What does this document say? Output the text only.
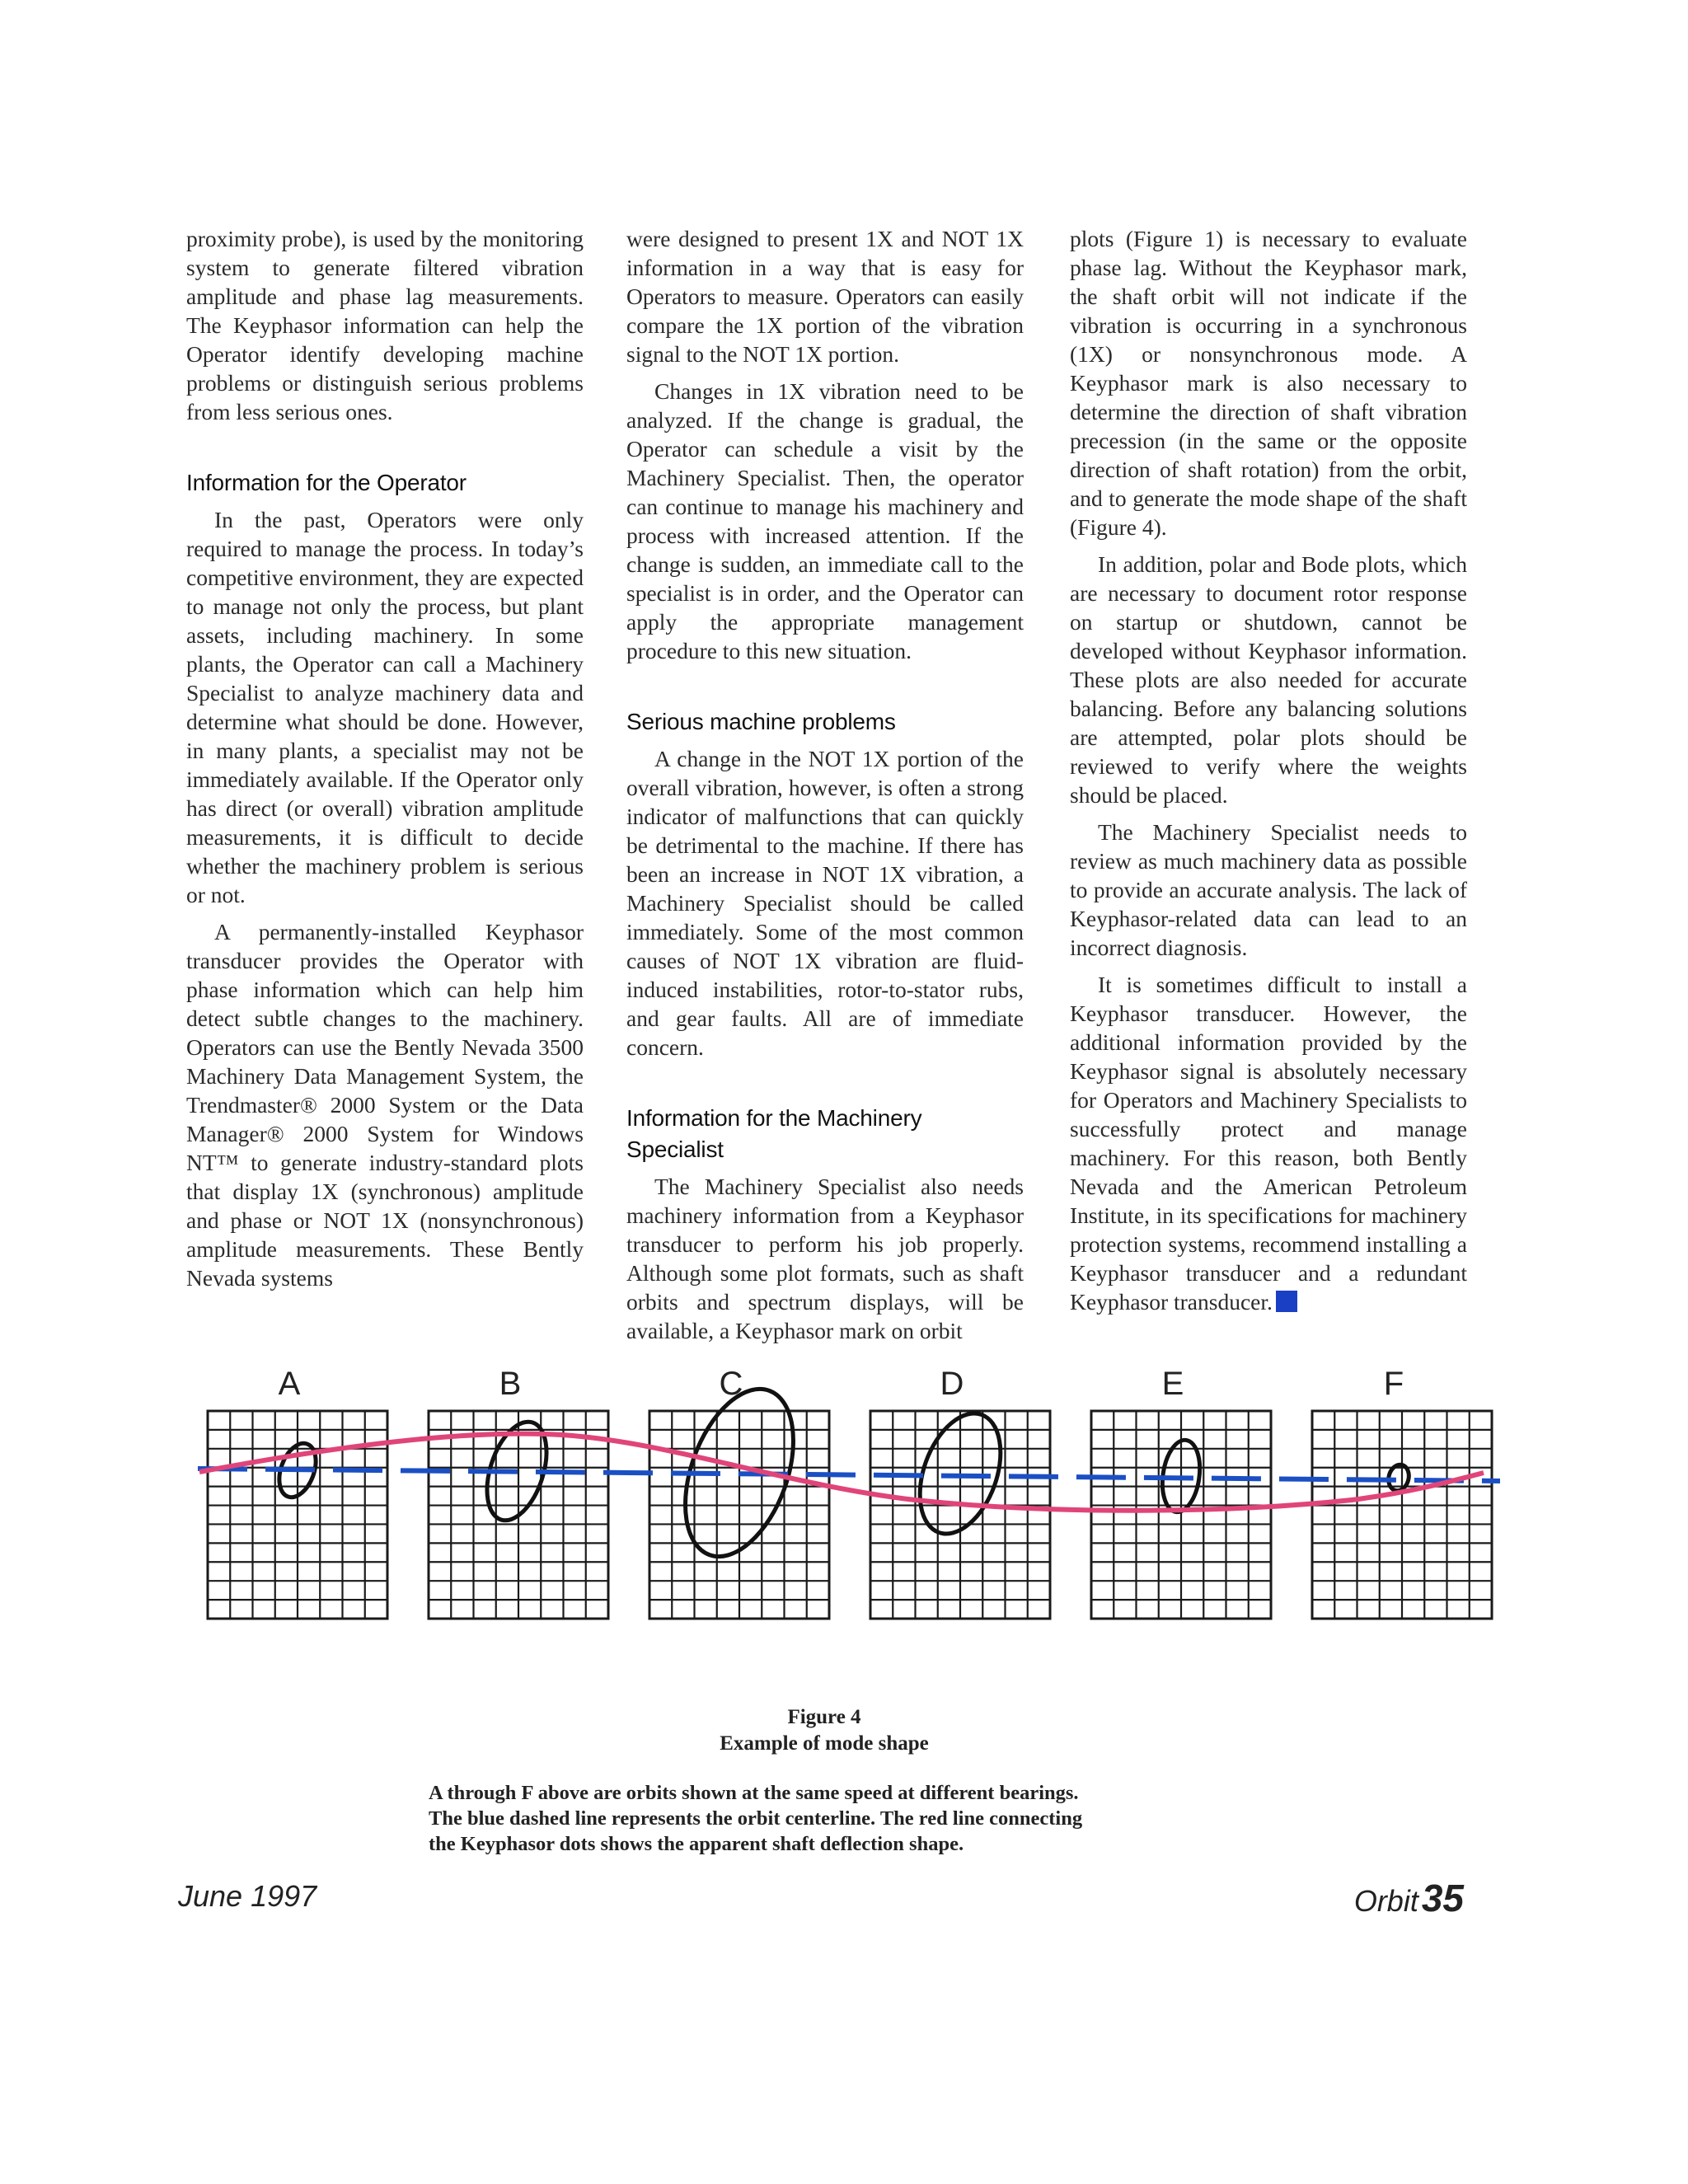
proximity probe), is used by the monitoring system to generate filtered vibration amplitude and phase lag measurements. The Keyphasor information can help the Operator identify developing machine problems or distinguish serious problems from less serious ones.

Information for the Operator

In the past, Operators were only required to manage the process. In today’s competitive environment, they are expected to manage not only the process, but plant assets, including machinery. In some plants, the Operator can call a Machinery Specialist to analyze machinery data and determine what should be done. However, in many plants, a specialist may not be immediately available. If the Operator only has direct (or overall) vibration amplitude measurements, it is difficult to decide whether the machinery problem is serious or not.

A permanently-installed Keyphasor transducer provides the Operator with phase information which can help him detect subtle changes to the machinery. Operators can use the Bently Nevada 3500 Machinery Data Management System, the Trendmaster® 2000 System or the Data Manager® 2000 System for Windows NT™ to generate industry-standard plots that display 1X (synchronous) amplitude and phase or NOT 1X (nonsynchronous) amplitude measurements. These Bently Nevada systems

were designed to present 1X and NOT 1X information in a way that is easy for Operators to measure. Operators can easily compare the 1X portion of the vibration signal to the NOT 1X portion.

Changes in 1X vibration need to be analyzed. If the change is gradual, the Operator can schedule a visit by the Machinery Specialist. Then, the operator can continue to manage his machinery and process with increased attention. If the change is sudden, an immediate call to the specialist is in order, and the Operator can apply the appropriate management procedure to this new situation.

Serious machine problems

A change in the NOT 1X portion of the overall vibration, however, is often a strong indicator of malfunctions that can quickly be detrimental to the machine. If there has been an increase in NOT 1X vibration, a Machinery Specialist should be called immediately. Some of the most common causes of NOT 1X vibration are fluid-induced instabilities, rotor-to-stator rubs, and gear faults. All are of immediate concern.

Information for the Machinery Specialist

The Machinery Specialist also needs machinery information from a Keyphasor transducer to perform his job properly. Although some plot formats, such as shaft orbits and spectrum displays, will be available, a Keyphasor mark on orbit

plots (Figure 1) is necessary to evaluate phase lag. Without the Keyphasor mark, the shaft orbit will not indicate if the vibration is occurring in a synchronous (1X) or nonsynchronous mode. A Keyphasor mark is also necessary to determine the direction of shaft vibration precession (in the same or the opposite direction of shaft rotation) from the orbit, and to generate the mode shape of the shaft (Figure 4).

In addition, polar and Bode plots, which are necessary to document rotor response on startup or shutdown, cannot be developed without Keyphasor information. These plots are also needed for accurate balancing. Before any balancing solutions are attempted, polar plots should be reviewed to verify where the weights should be placed.

The Machinery Specialist needs to review as much machinery data as possible to provide an accurate analysis. The lack of Keyphasor-related data can lead to an incorrect diagnosis.

It is sometimes difficult to install a Keyphasor transducer. However, the additional information provided by the Keyphasor signal is absolutely necessary for Operators and Machinery Specialists to successfully protect and manage machinery. For this reason, both Bently Nevada and the American Petroleum Institute, in its specifications for machinery protection systems, recommend installing a Keyphasor transducer and a redundant Keyphasor transducer.

A	B	C	D	E	F
Figure 4
Example of mode shape
A through F above are orbits shown at the same speed at different bearings.
The blue dashed line represents the orbit centerline. The red line connecting
the Keyphasor dots shows the apparent shaft deflection shape.
June 1997	Orbit35
